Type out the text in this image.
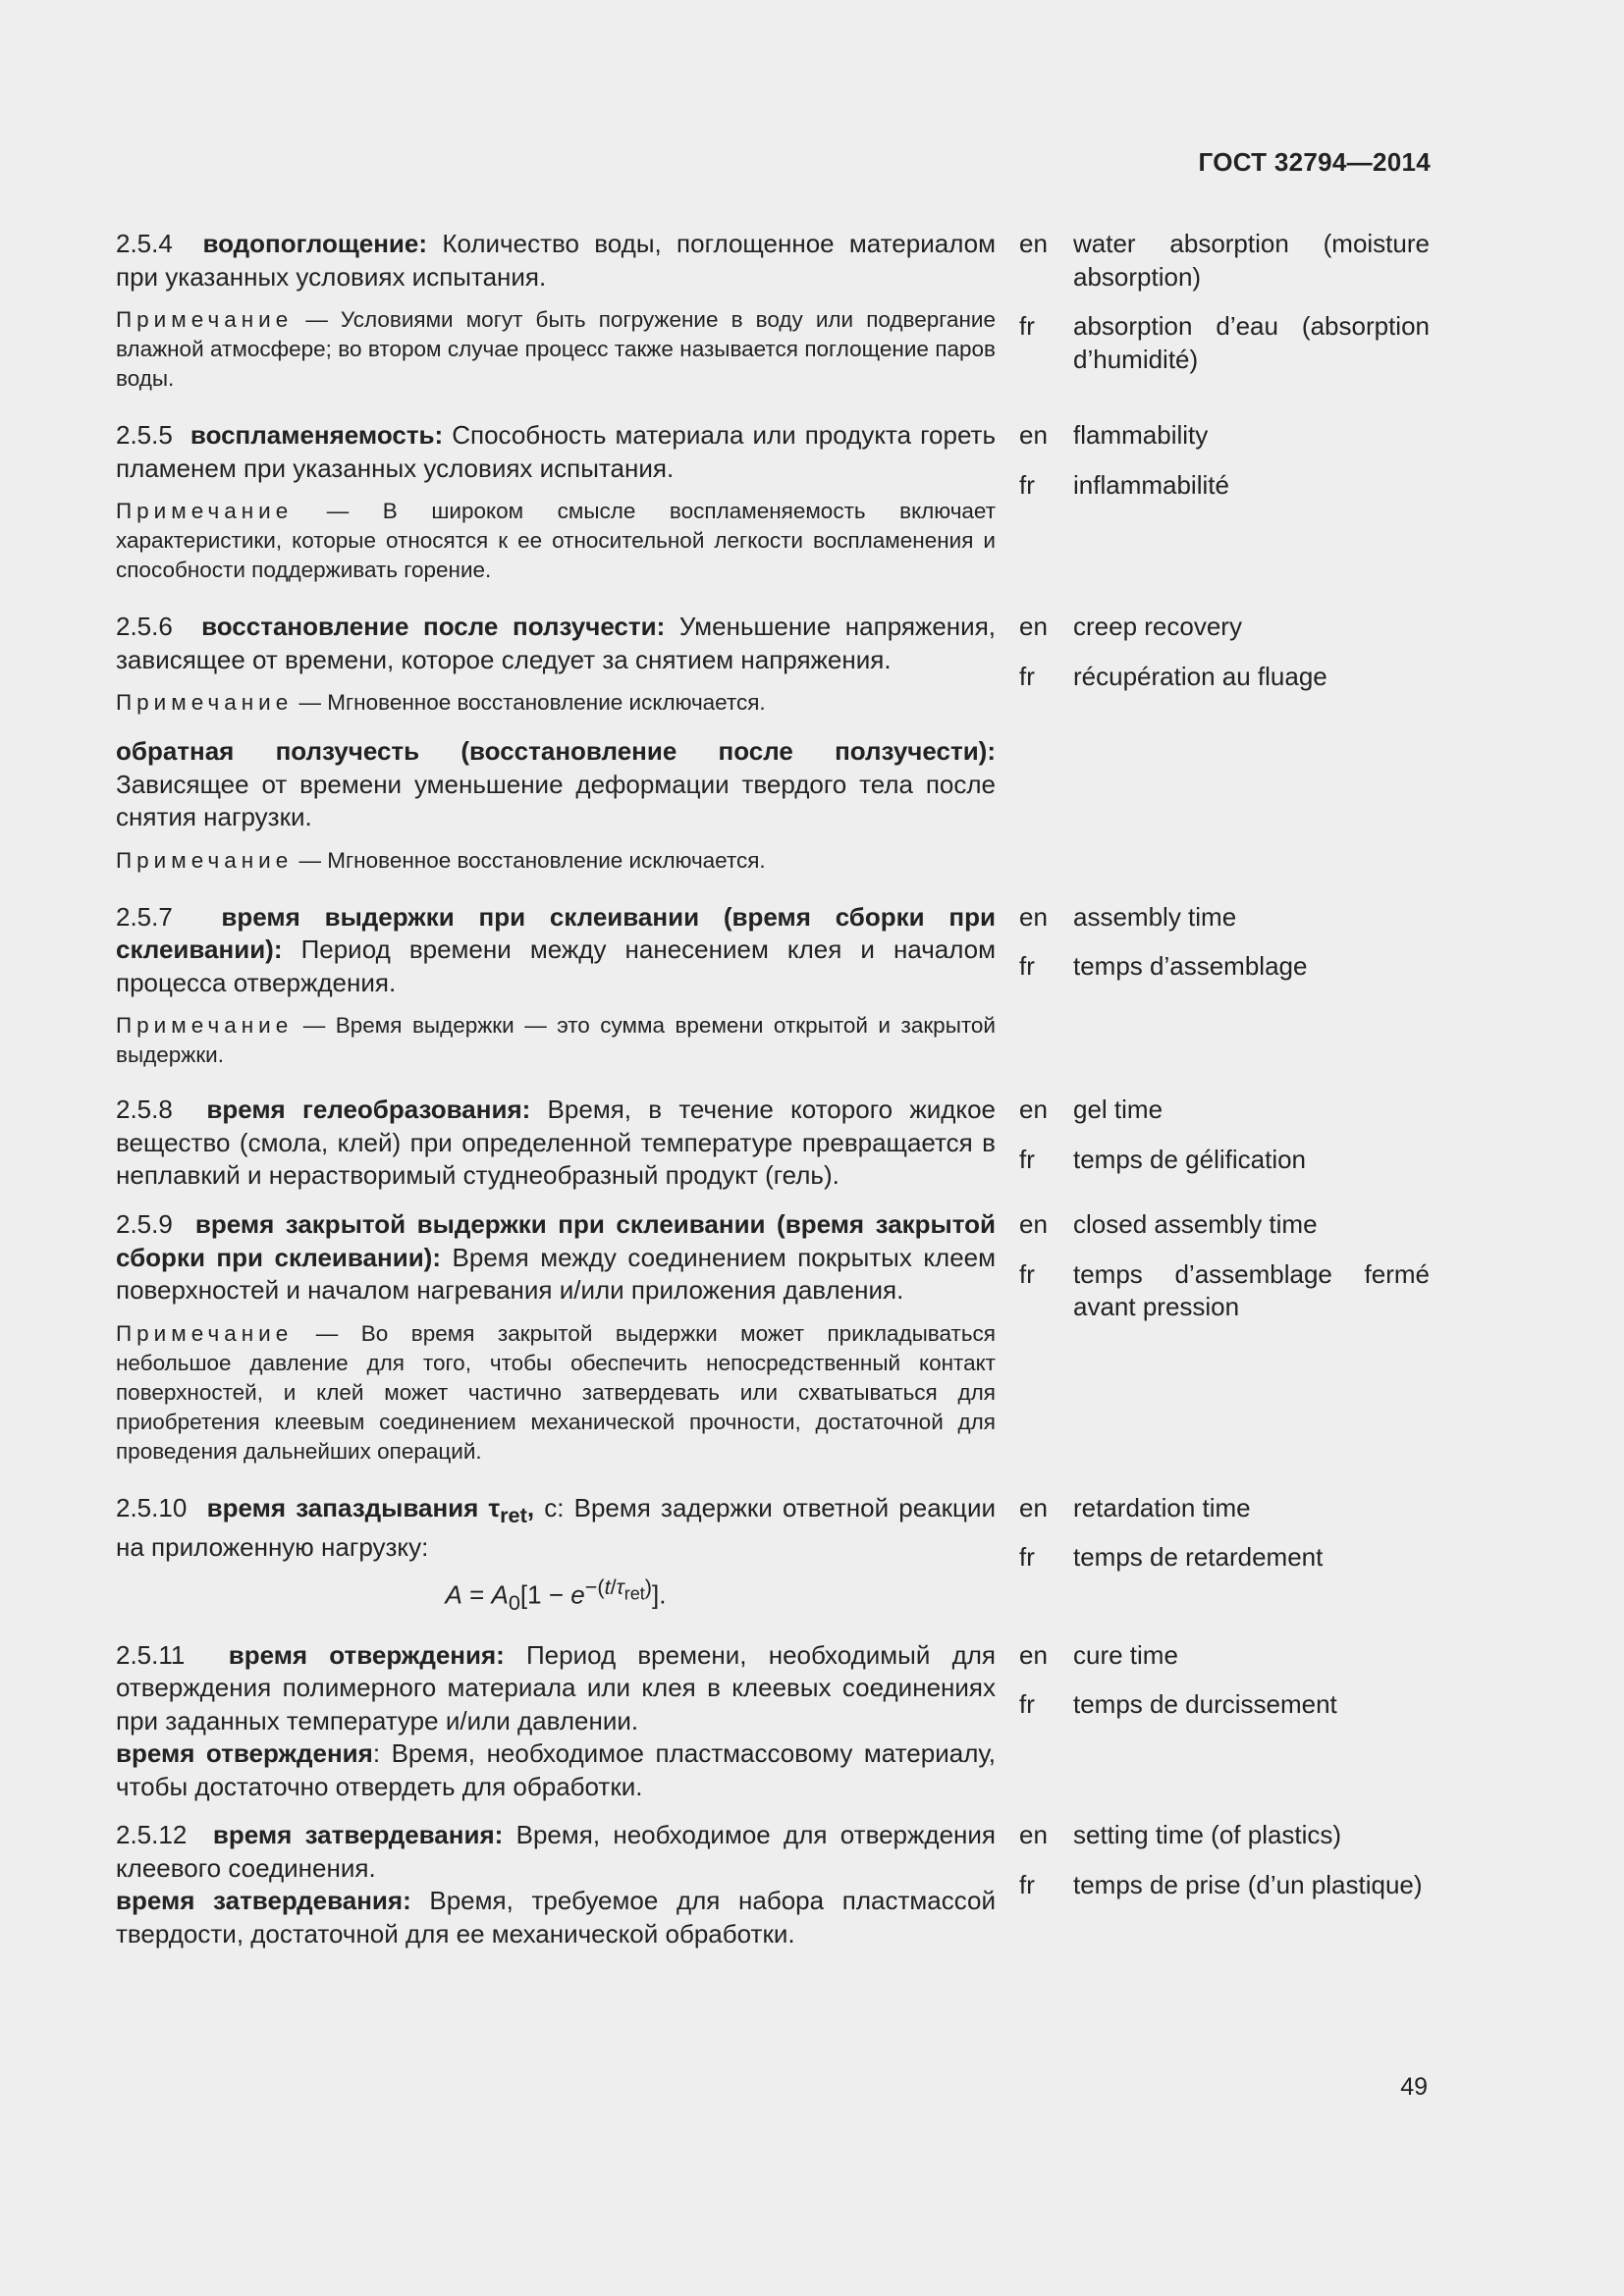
ГОСТ 32794—2014

2.5.4 водопоглощение: Количество воды, поглощенное материалом при указанных условиях испытания.

Примечание — Условиями могут быть погружение в воду или подвергание влажной атмосфере; во втором случае процесс также называется поглощение паров воды.
en	water absorption (moisture absorption)
fr	absorption d’eau (absorption d’humidité)

2.5.5 воспламеняемость: Способность материала или продукта гореть пламенем при указанных условиях испытания.

Примечание — В широком смысле воспламеняемость включает характеристики, которые относятся к ее относительной легкости воспламенения и способности поддерживать горение.
en	flammability
fr	inflammabilité

2.5.6 восстановление после ползучести: Уменьшение напряжения, зависящее от времени, которое следует за снятием напряжения.

Примечание — Мгновенное восстановление исключается.

обратная ползучесть (восстановление после ползучести): Зависящее от времени уменьшение деформации твердого тела после снятия нагрузки.

Примечание — Мгновенное восстановление исключается.
en	creep recovery
fr	récupération au fluage

2.5.7 время выдержки при склеивании (время сборки при склеивании): Период времени между нанесением клея и началом процесса отверждения.

Примечание — Время выдержки — это сумма времени открытой и закрытой выдержки.
en	assembly time
fr	temps d’assemblage

2.5.8 время гелеобразования: Время, в течение которого жидкое вещество (смола, клей) при определенной температуре превращается в неплавкий и нерастворимый студнеобразный продукт (гель).

en	gel time
fr	temps de gélification

2.5.9 время закрытой выдержки при склеивании (время закрытой сборки при склеивании): Время между соединением покрытых клеем поверхностей и началом нагревания и/или приложения давления.

Примечание — Во время закрытой выдержки может прикладываться небольшое давление для того, чтобы обеспечить непосредственный контакт поверхностей, и клей может частично затвердевать или схватываться для приобретения клеевым соединением механической прочности, достаточной для проведения дальнейших операций.
en	closed assembly time
fr	temps d’assemblage fermé avant pression

2.5.10 время запаздывания $\tau_{ret}$, с: Время задержки ответной реакции на приложенную нагрузку:

$A = A_0[1 - e^{-(t/\tau_{ret})}]$.
en	retardation time
fr	temps de retardement

2.5.11 время отверждения: Период времени, необходимый для отверждения полимерного материала или клея в клеевых соединениях при заданных температуре и/или давлении.

время отверждения: Время, необходимое пластмассовому материалу, чтобы достаточно отвердеть для обработки.

en	cure time
fr	temps de durcissement

2.5.12 время затвердевания: Время, необходимое для отверждения клеевого соединения.

время затвердевания: Время, требуемое для набора пластмассой твердости, достаточной для ее механической обработки.

en	setting time (of plastics)
fr	temps de prise (d’un plastique)
49
